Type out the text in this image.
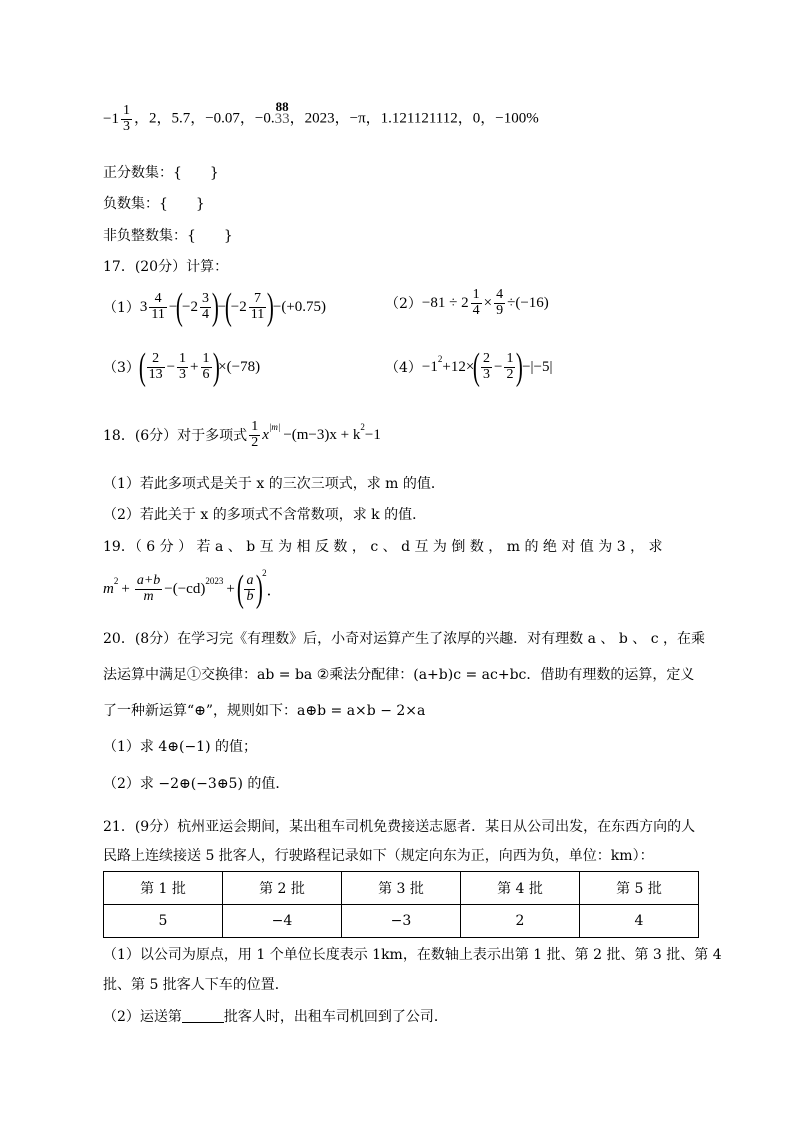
$-1 \frac{1}{3}$ ，2，5.7，−0.07，−0.
88
33，2023，−π，1.121121112，0，−100%
正分数集：{　　}
负数集：{　　}
非负整数集：{　　}
17．(20分）计算：
（1） $3 \frac{4}{11}$ −
(
$-2 \frac{3}{4}$ )
−
(
$-2 \frac{7}{11}$ )
−(+0.75)	$(2) -81 \div 2 \frac{1}{4} \times \frac{4}{9} \div(-16)$
（3）
( $\frac{2}{13} - \frac{1}{3} + \frac{1}{6}$ )
×(−78)	$(4) -1^2 +12\times$
( $\frac{2}{3} - \frac{1}{2}$ )
−|−5|
18．(6分）对于多项式 $\frac{1}{2} x^{|m|} -(m-3)x + k^2 -1$
（1）若此多项式是关于 x 的三次三项式，求 m 的值．
（2）若此关于 x 的多项式不含常数项，求 k 的值．
19．（ 6 分 ） 若 a 、 b 互 为 相 反 数 ， c 、 d 互 为 倒 数 ， m 的 绝 对 值 为 3 ， 求
$m^2 + \frac{a+b}{m} -(-cd)^{2023}$ + ( $\frac{a}{b}$ )
$^2$
．
20．(8分）在学习完《有理数》后，小奇对运算产生了浓厚的兴趣．对有理数 a 、 b 、 c ，在乘
法运算中满足①交换律：ab = ba ②乘法分配律：(a+b)c = ac+bc．借助有理数的运算，定义
了一种新运算“⊕”，规则如下：a⊕b = a×b − 2×a
（1）求 4⊕(−1) 的值；
（2）求 −2⊕(−3⊕5) 的值．
21．(9分）杭州亚运会期间，某出租车司机免费接送志愿者．某日从公司出发，在东西方向的人
民路上连续接送 5 批客人，行驶路程记录如下（规定向东为正，向西为负，单位：km）：
第 1 批	第 2 批	第 3 批	第 4 批	第 5 批
5	−4	−3	2	4
（1）以公司为原点，用 1 个单位长度表示 1km，在数轴上表示出第 1 批、第 2 批、第 3 批、第 4
批、第 5 批客人下车的位置．
（2）运送第	批客人时，出租车司机回到了公司．
